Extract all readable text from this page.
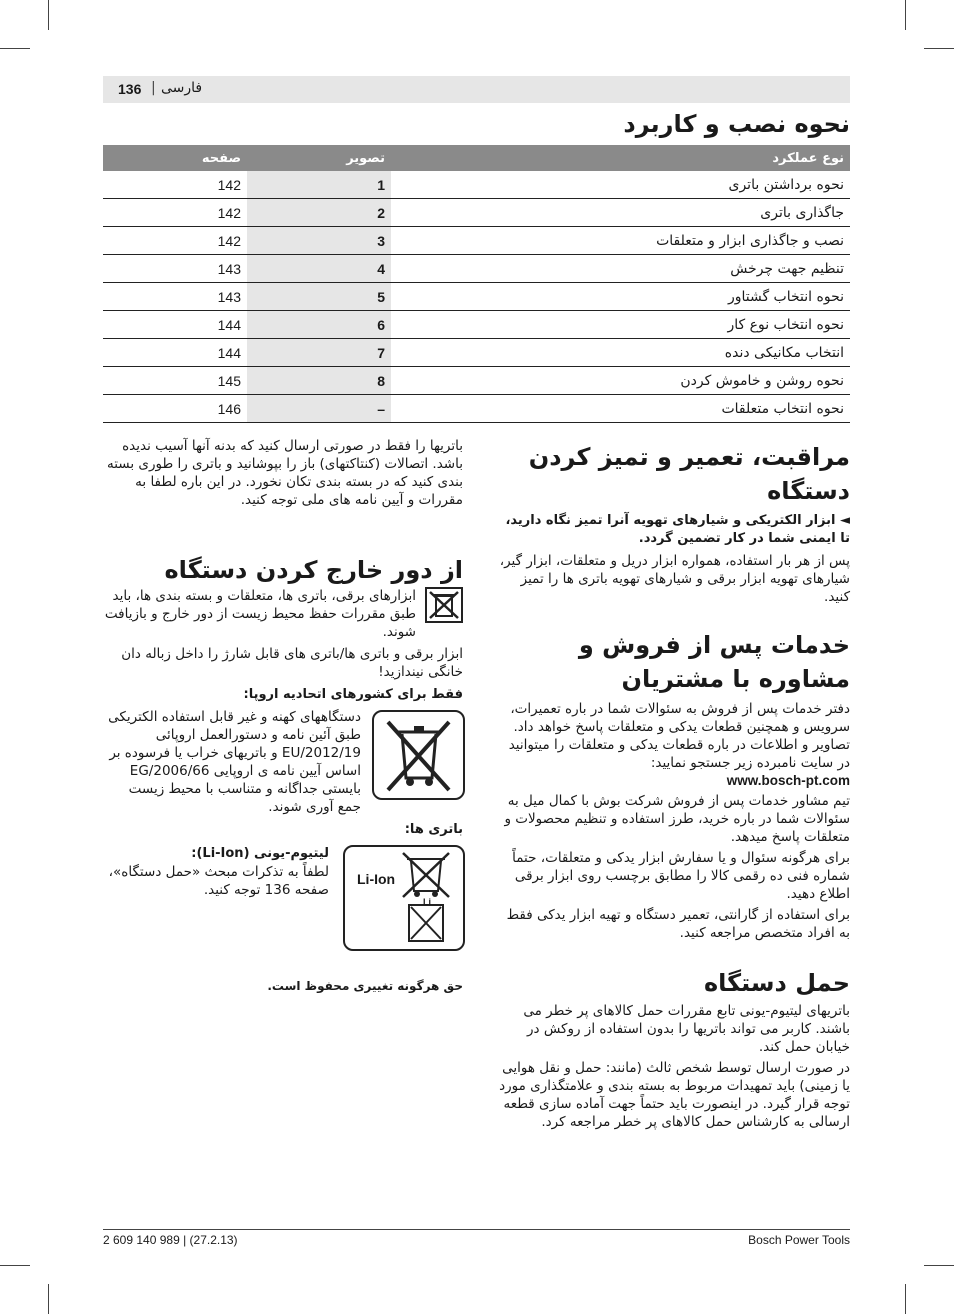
136 | فارسی
نحوه نصب و کاربرد
نوع عملکرد	تصویر	صفحه
نحوه برداشتن باتری	1	142
جاگذاری باتری	2	142
نصب و جاگذاری ابزار و متعلقات	3	142
تنظیم جهت چرخش	4	143
نحوه انتخاب گشتاور	5	143
نحوه انتخاب نوع کار	6	144
انتخاب مکانیکی دنده	7	144
نحوه روشن و خاموش کردن	8	145
نحوه انتخاب متعلقات	–	146

مراقبت، تعمیر و تمیز کردن دستگاه

◄ ابزار الکتریکی و شیارهای تهویه آنرا تمیز نگاه دارید، تا ایمنی شما در کار تضمین گردد.

پس از هر بار استفاده، همواره ابزار دریل و متعلقات، ابزار گیر، شیارهای تهویه ابزار برقی و شیارهای تهویه باتری ها را تمیز کنید.

خدمات پس از فروش و مشاوره با مشتریان

دفتر خدمات پس از فروش به سئوالات شما در باره تعمیرات، سرویس و همچنین قطعات یدکی و متعلقات پاسخ خواهد داد. تصاویر و اطلاعات در باره قطعات یدکی و متعلقات را میتوانید در سایت نامبرده زیر جستجو نمایید:

www.bosch-pt.com

تیم مشاور خدمات پس از فروش شرکت بوش با کمال میل به سئوالات شما در باره خرید، طرز استفاده و تنظیم محصولات و متعلقات پاسخ میدهد.

برای هرگونه سئوال و یا سفارش ابزار یدکی و متعلقات، حتماً شماره فنی ده رقمی کالا را مطابق برچسب روی ابزار برقی اطلاع دهید.

برای استفاده از گارانتی، تعمیر دستگاه و تهیه ابزار یدکی فقط به افراد متخصص مراجعه کنید.

حمل دستگاه

باتریهای لیتیوم-یونی تابع مقررات حمل کالاهای پر خطر می باشند. کاربر می تواند باتریها را بدون استفاده از روکش در خیابان حمل کند.

در صورت ارسال توسط شخص ثالث (مانند: حمل و نقل هوایی یا زمینی) باید تمهیدات مربوط به بسته بندی و علامتگذاری مورد توجه قرار گیرد. در اینصورت باید حتماً جهت آماده سازی قطعه ارسالی به کارشناس حمل کالاهای پر خطر مراجعه کرد.

باتریها را فقط در صورتی ارسال کنید که بدنه آنها آسیب ندیده باشد. اتصالات (کنتاکتهای) باز را بپوشانید و باتری را طوری بسته بندی کنید که در بسته بندی تکان نخورد. در این باره لطفا به مقررات و آیین نامه های ملی توجه کنید.
از دور خارج کردن دستگاه
ابزارهای برقی، باتری ها، متعلقات و بسته بندی ها، باید طبق مقررات حفظ محیط زیست از دور خارج و بازیافت شوند.
ابزار برقی و باتری ها/باتری های قابل شارژ را داخل زباله دان خانگی نیندازید!
فقط برای کشورهای اتحادیه اروپا:
دستگاههای کهنه و غیر قابل استفاده الکتریکی طبق آئین نامه و دستورالعمل اروپائی 2012/19/EU و باتریهای خراب یا فرسوده بر اساس آیین نامه ی اروپایی 2006/66/EG بایستی جداگانه و متناسب با محیط زیست جمع آوری شوند.
باتری ها:
Li-Ion
Li
لیتیوم-یونی (Li-Ion):
لطفاً به تذکرات مبحث «حمل دستگاه»، صفحه 136 توجه کنید.
حق هرگونه تغییری محفوظ است.
2 609 140 989 | (27.2.13)	Bosch Power Tools
